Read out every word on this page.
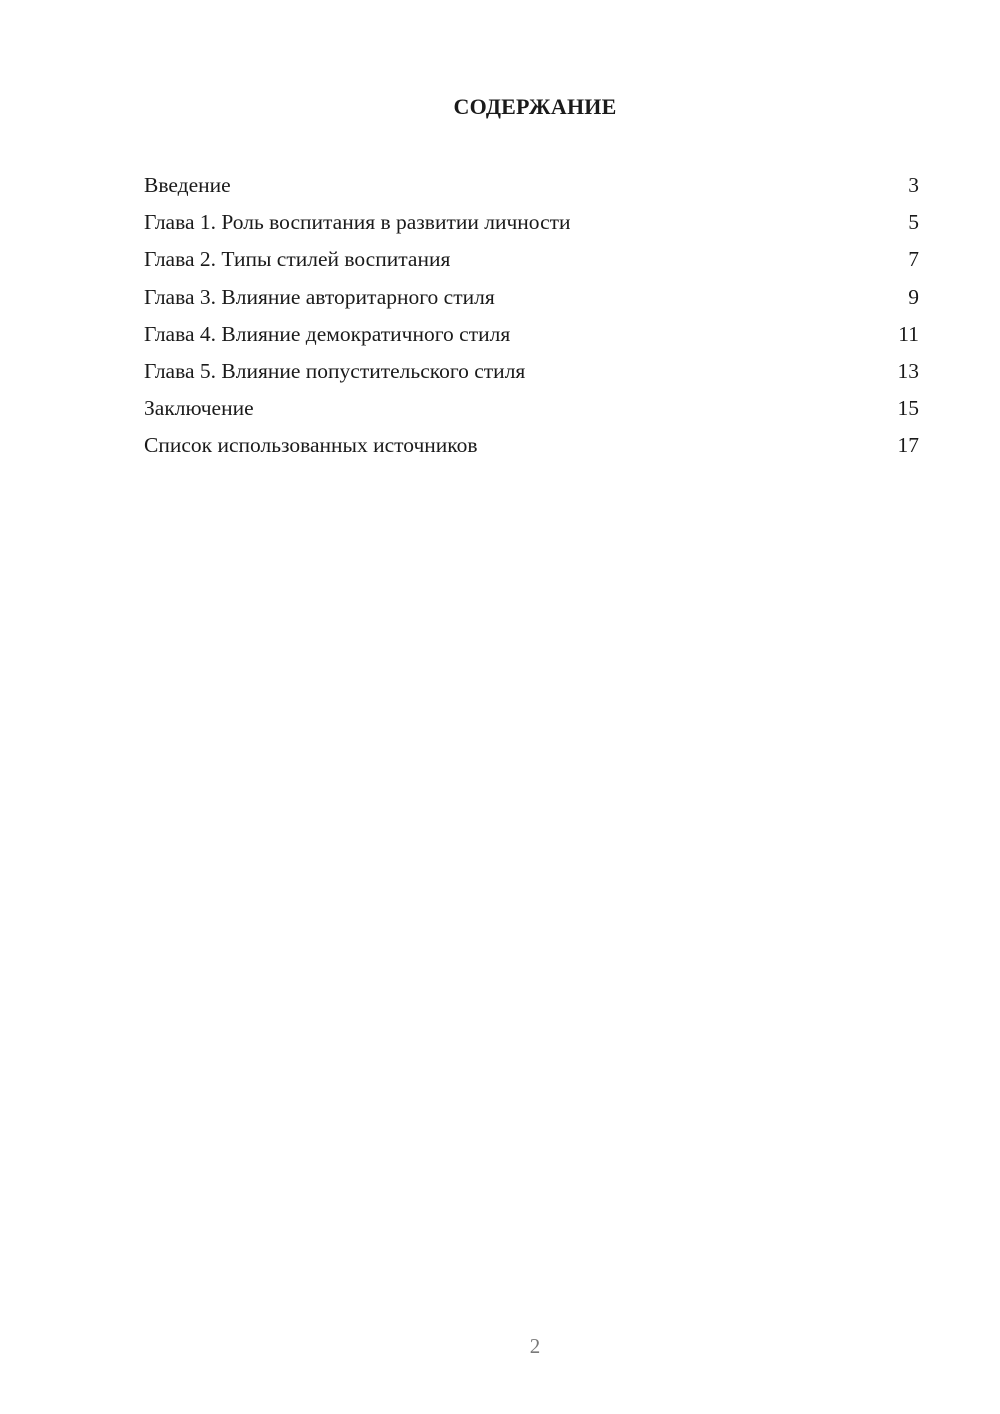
СОДЕРЖАНИЕ
Введение	3
Глава 1. Роль воспитания в развитии личности	5
Глава 2. Типы стилей воспитания	7
Глава 3. Влияние авторитарного стиля	9
Глава 4. Влияние демократичного стиля	11
Глава 5. Влияние попустительского стиля	13
Заключение	15
Список использованных источников	17
2
